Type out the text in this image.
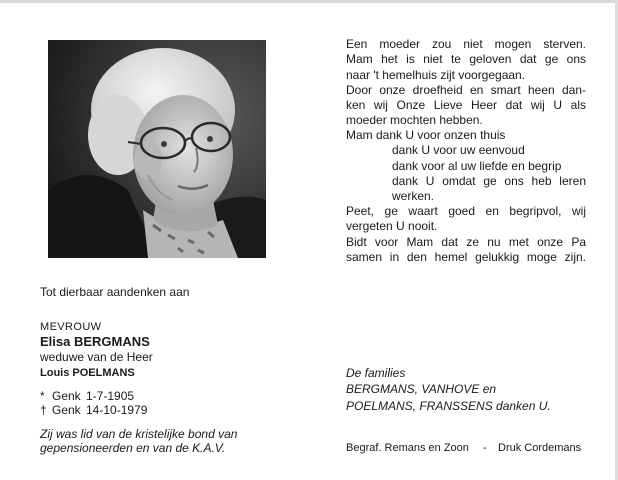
Een moeder zou niet mogen sterven.
Mam het is niet te geloven dat ge ons
naar 't hemelhuis zijt voorgegaan.
Door onze droefheid en smart heen dan-
ken wij Onze Lieve Heer dat wij U als
moeder mochten hebben.
Mam dank U voor onzen thuis
dank U voor uw eenvoud
dank voor al uw liefde en begrip
dank U omdat ge ons heb leren
werken.
Peet, ge waart goed en begripvol, wij
vergeten U nooit.
Bidt voor Mam dat ze nu met onze Pa
samen in den hemel gelukkig moge zijn.
Tot dierbaar aandenken aan
MEVROUW
Elisa BERGMANS
weduwe van de Heer
Louis POELMANS
* Genk 1-7-1905
† Genk 14-10-1979
Zij was lid van de kristelijke bond van
gepensioneerden en van de K.A.V.
De families
BERGMANS, VANHOVE en
POELMANS, FRANSSENS danken U.
Begraf. Remans en Zoon - Druk Cordemans
